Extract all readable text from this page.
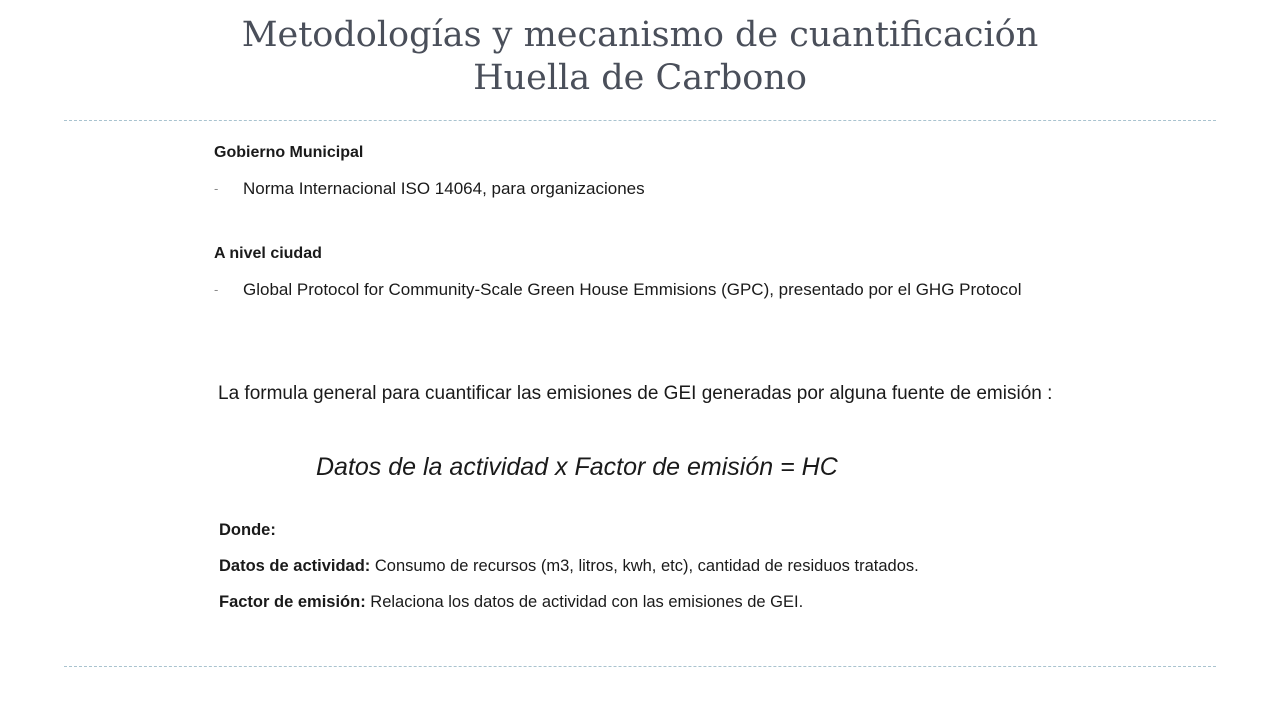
Metodologías y mecanismo de cuantificación
Huella de Carbono
Gobierno Municipal
- Norma Internacional ISO 14064, para organizaciones
A nivel ciudad
- Global Protocol for Community-Scale Green House Emmisions (GPC), presentado por el GHG Protocol
La formula general para cuantificar las emisiones de GEI generadas por alguna fuente de emisión :
Datos de la actividad x Factor de emisión = HC

Donde:

Datos de actividad: Consumo de recursos (m3, litros, kwh, etc), cantidad de residuos tratados.

Factor de emisión: Relaciona los datos de actividad con las emisiones de GEI.
